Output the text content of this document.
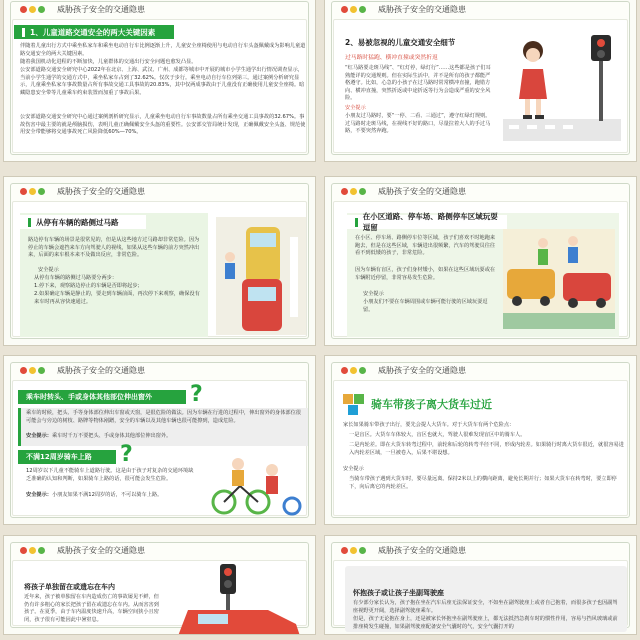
威胁孩子安全的交通隐患
1、儿童道路交通安全的两大关键因素
伴随着儿童出行方式中乘坐私家车和乘坐电动自行车比例逐渐上升，儿童安全座椅使用与电动自行车头盔佩戴成为影响儿童道路交通安全的两大关键因素。
随着我国机动化进程的不断加快，儿童群体的交通出行安全问题也愈发凸显。
公安部道路交通安全研究中心2022年在北京、上海、武汉、广州、成都等城市中开展的城市小学生通学出行情况调查显示，当前小学生通学的交通方式中，乘坐私家车占到了32.62%。仅次于步行。乘坐电动自行车位列第三。通过案例分析研究显示，儿童乘坐私家车事故数量占所有事故交通工具事故的20.83%，其中仅两成事故由于儿童没有正确使用儿童安全座椅。暗藏隐患安全带等儿童乘车约束装置而加重了事故后果。
公安部道路交通安全研究中心通过案例剖析研究显示，儿童乘坐电动自行车事故数量占所有乘坐交通工具事故的32.67%。事故伤害中最主要的就是颅脑损伤，表明儿童正确佩戴安全头盔的重要性。公安部交管局统计发现，正确佩戴安全头盔、规范使用安全带能够将交通事故死亡风险降低60%—70%。
威胁孩子安全的交通隐患
2、易被忽视的儿童交通安全细节
过马路时猛跑、横冲直撞或突然折返
“红马路要走斑马线”、“红灯停，绿灯行”……这些都是孩子们耳熟能详的交通规则。但在实际生活中，并不是所有的孩子都能严格遵守。比如，心急的小孩子在过马路时常常横冲直撞，跑错方向、横冲直撞，突然折返或中途折返等行为会造成严重的安全风险。
安全提示
小朋友过马路时，要“一停、二看、三通过”，遵守红绿灯规则。过马路时走斑马线，在视线不好的路口，尽量拉着大人的手过马路，不要突然奔跑。
威胁孩子安全的交通隐患
从停有车辆的路侧过马路
路边停有车辆的场景是很常见的，但是从这些地方过马路却非常危险。因为停止的车辆会遮挡来车方向驾驶人的视线，如果从这些车辆的前方突然冲出来，后面的来车根本来不及做出反应，非常危险。
安全提示
从停有车辆的路侧过马路要分两步：
1.停下来，观察路边停止的车辆是否即将起步；
2.如果确定车辆是静止的，要走到车辆前面，再次停下来观察，确保没有来车时再从容快速通过。
威胁孩子安全的交通隐患
在小区道路、停车场、路侧停车区域玩耍逗留
在小区、停车场、路侧停车位等区域，孩子们喜欢不时地跑来跑去，但是在这些区域，车辆进出很频繁，汽车的驾驶员往往看不到低矮的孩子，非常危险。
因为车辆有盲区，孩子们身材矮小，如果在这些区域玩耍或在车辆附近停留，非常容易发生危险。
安全提示
小朋友们不要在车辆周围或车辆可能行驶的区域玩耍逗留。
威胁孩子安全的交通隐患
乘车时转头、手或身体其他部位伸出窗外	?
乘车的时候，把头、手等身体部位伸出车窗或天窗，是很危险的做法。因为车辆在行进的过程中，伸出窗外的身体部位很可能会与旁边的树枝、路牌等物体剐蹭，安全的车辆以及其他车辆也很可能擦到，造成危险。
安全提示：乘车时千万不要把头、手或身体其他部位伸出窗外。
不满12周岁骑车上路	?
12周岁以下儿童不能骑车上道路行驶。这是由于孩子对复杂的交通环境缺乏准确的认知和判断，如果骑车上路的话，很可能会发生危险。
安全提示：小朋友如果不满12周岁的话，不可以骑车上路。
威胁孩子安全的交通隐患
骑车带孩子离大货车过近
家长如果骑车带孩子出行，要先会提人大货车。对于大货车有两个危险点：
一是盲区。大货车车体较大，盲区也就大，驾驶人很难发现盲区中的骑车人。
二是内轮差。即在大货车转弯过程中，前轮和后轮的转弯半径不同，形成内轮差。如果骑行时离大货车很近，就很容易进入内轮差区域，一旦被卷入，后果不堪设想。
安全提示
当骑车带孩子遇到大货车时，要尽量远离。保持2米以上的横向距离，避免长期并行；如果大货车在转弯时，要立即停下，向后离它的内轮差区。
威胁孩子安全的交通隐患
将孩子单独留在或遗忘在车内
近年来，孩子被单独留在车内造成伤亡的事故屡见不鲜，但仍有许多粗心的家长把孩子留在或遗忘在车内。从而害害到孩子。在夏季，由于车内温度快速升高，车辆空间狭小且密闭，孩子很有可能因此中暑窒息。
威胁孩子安全的交通隐患
怀抱孩子或让孩子坐副驾驶座
有少部分家长认为，孩子抱在坐在汽车后座无法保证安全，不如坐在副驾驶座上或者自己抱着，而很多孩子也因副驾座视野更开阔，选择副驾驶座乘车。
但是，孩子无论抱在身上，还是被家长怀抱坐在副驾驶座上，都无法抵挡急刹车时的惯性作用，容易与挡风玻璃或前排座椅发生碰撞，如果副驾驶座配备安全气囊时的气，安全气囊打开的
